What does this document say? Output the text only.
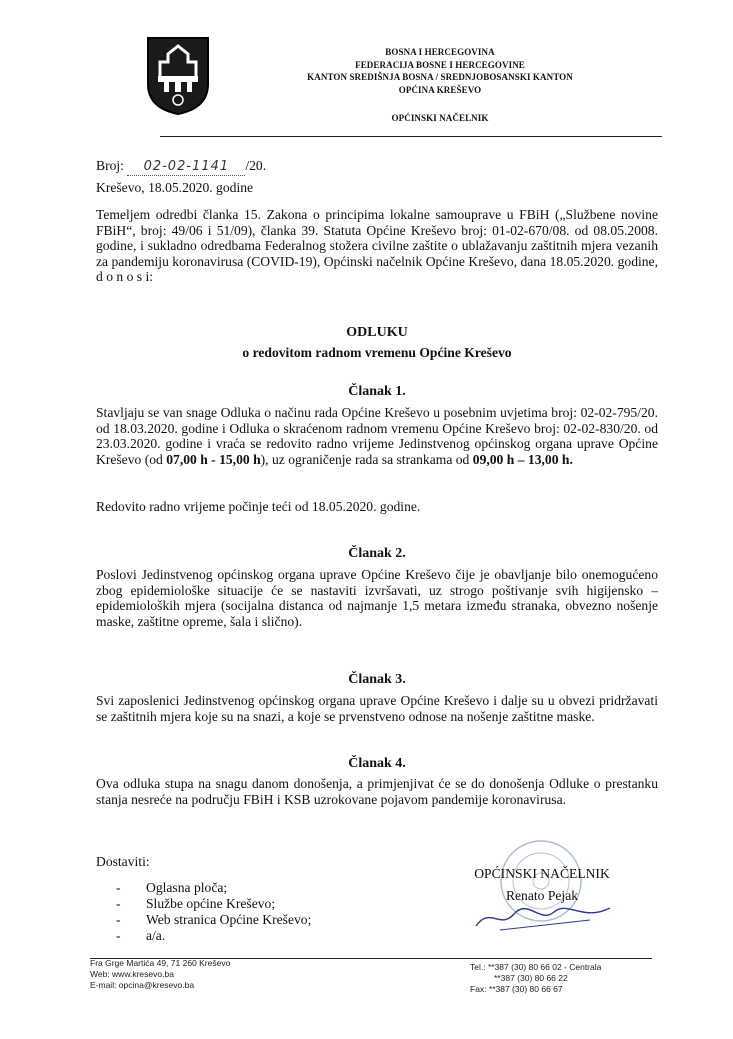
BOSNA I HERCEGOVINA
FEDERACIJA BOSNE I HERCEGOVINE
KANTON SREDIŠNJA BOSNA / SREDNJOBOSANSKI KANTON
OPĆINA KREŠEVO
OPĆINSKI NAČELNIK
Broj: 02-02-1141 /20.
Kreševo, 18.05.2020. godine
Temeljem odredbi članka 15. Zakona o principima lokalne samouprave u FBiH („Službene novine FBiH“, broj: 49/06 i 51/09), članka 39. Statuta Općine Kreševo broj: 01-02-670/08. od 08.05.2008. godine, i sukladno odredbama Federalnog stožera civilne zaštite o ublažavanju zaštitnih mjera vezanih za pandemiju koronavirusa (COVID-19), Općinski načelnik Općine Kreševo, dana 18.05.2020. godine, d o n o s i:
ODLUKU
o redovitom radnom vremenu Općine Kreševo
Članak 1.
Stavljaju se van snage Odluka o načinu rada Općine Kreševo u posebnim uvjetima broj: 02-02-795/20. od 18.03.2020. godine i Odluka o skraćenom radnom vremenu Općine Kreševo broj: 02-02-830/20. od 23.03.2020. godine i vraća se redovito radno vrijeme Jedinstvenog općinskog organa uprave Općine Kreševo (od 07,00 h - 15,00 h), uz ograničenje rada sa strankama od 09,00 h – 13,00 h.
Redovito radno vrijeme počinje teći od 18.05.2020. godine.
Članak 2.
Poslovi Jedinstvenog općinskog organa uprave Općine Kreševo čije je obavljanje bilo onemogućeno zbog epidemiološke situacije će se nastaviti izvršavati, uz strogo poštivanje svih higijensko – epidemioloških mjera (socijalna distanca od najmanje 1,5 metara između stranaka, obvezno nošenje maske, zaštitne opreme, šala i slično).
Članak 3.
Svi zaposlenici Jedinstvenog općinskog organa uprave Općine Kreševo i dalje su u obvezi pridržavati se zaštitnih mjera koje su na snazi, a koje se prvenstveno odnose na nošenje zaštitne maske.
Članak 4.
Ova odluka stupa na snagu danom donošenja, a primjenjivat će se do donošenja Odluke o prestanku stanja nesreće na području FBiH i KSB uzrokovane pojavom pandemije koronavirusa.
Dostaviti:
- Oglasna ploča;
- Službe općine Kreševo;
- Web stranica Općine Kreševo;
- a/a.
OPĆINSKI NAČELNIK
Renato Pejak
Fra Grge Martića 49, 71 260 Kreševo
Web: www.kresevo.ba
E-mail: opcina@kresevo.ba
Tel.: **387 (30) 80 66 02 - Centrala
**387 (30) 80 66 22
Fax: **387 (30) 80 66 67
